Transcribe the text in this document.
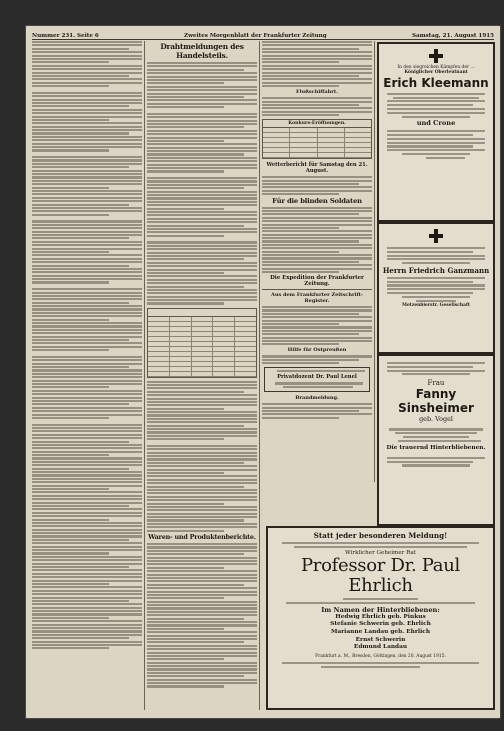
Nummer 231. Seite 6	Zweites Morgenblatt der Frankfurter Zeitung	Samstag, 21. August 1915
Drahtmeldungen des Handelsteils.

Waren- und Produktenberichte.
Flußschiffahrt.
Konkurs-Eröffnungen.
Wetterbericht für Samstag den 21. August.
Für die blinden Soldaten
Die Expedition der Frankfurter Zeitung.
Aus dem Frankfurter Zeitschrift-Register.
Hilfe für Ostpreußen
Privatdozent Dr. Paul Lenel
Brandmeldung.
In den siegreichen Kämpfen der ...
Königlicher Oberleutnant
Erich Kleemann
und Crone
Herrn Friedrich Ganzmann
Metzenbierstr. Gesellschaft
Frau
Fanny Sinsheimer
geb. Vogel
Die trauernd Hinterbliebenen.
Statt jeder besonderen Meldung!
Wirklicher Geheimer Rat
Professor Dr. Paul Ehrlich
Im Namen der Hinterbliebenen:
Hedwig Ehrlich geb. Pinkus
Stefanie Schwerin geb. Ehrlich
Marianne Landau geb. Ehrlich
Ernst Schwerin
Edmund Landau
Frankfurt a. M., Bresden, Göttingen, den 20. August 1915.
